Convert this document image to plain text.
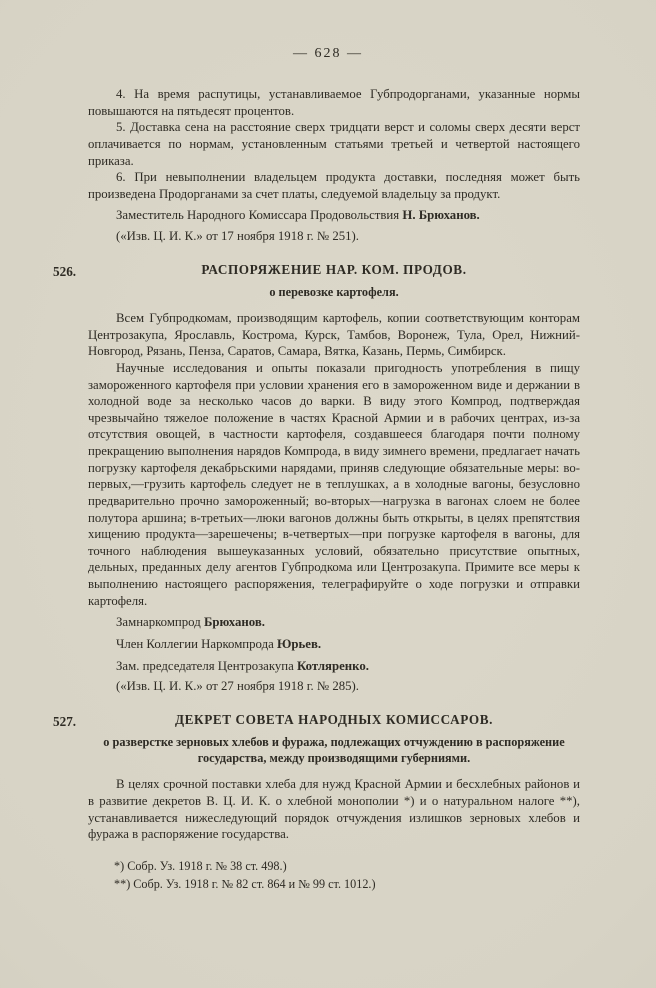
— 628 —

4. На время распутицы, устанавливаемое Губпродорганами, указанные нормы повышаются на пятьдесят процентов.

5. Доставка сена на расстояние сверх тридцати верст и соломы сверх десяти верст оплачивается по нормам, установленным статьями третьей и четвертой настоящего приказа.

6. При невыполнении владельцем продукта доставки, последняя может быть произведена Продорганами за счет платы, следуемой владельцу за продукт.

Заместитель Народного Комиссара Продовольствия Н. Брюханов.

(«Изв. Ц. И. К.» от 17 ноября 1918 г. № 251).

526.	РАСПОРЯЖЕНИЕ НАР. КОМ. ПРОДОВ.
о перевозке картофеля.

Всем Губпродкомам, производящим картофель, копии соответствующим конторам Центрозакупа, Ярославль, Кострома, Курск, Тамбов, Воронеж, Тула, Орел, Нижний-Новгород, Рязань, Пенза, Саратов, Самара, Вятка, Казань, Пермь, Симбирск.

Научные исследования и опыты показали пригодность употребления в пищу замороженного картофеля при условии хранения его в замороженном виде и держании в холодной воде за несколько часов до варки. В виду этого Компрод, подтверждая чрезвычайно тяжелое положение в частях Красной Армии и в рабочих центрах, из-за отсутствия овощей, в частности картофеля, создавшееся благодаря почти полному прекращению выполнения нарядов Компрода, в виду зимнего времени, предлагает начать погрузку картофеля декабрьскими нарядами, приняв следующие обязательные меры: во-первых,—грузить картофель следует не в теплушках, а в холодные вагоны, безусловно предварительно прочно замороженный; во-вторых—нагрузка в вагонах слоем не более полутора аршина; в-третьих—люки вагонов должны быть открыты, в целях препятствия хищению продукта—зарешечены; в-четвертых—при погрузке картофеля в вагоны, для точного наблюдения вышеуказанных условий, обязательно присутствие опытных, дельных, преданных делу агентов Губпродкома или Центрозакупа. Примите все меры к выполнению настоящего распоряжения, телеграфируйте о ходе погрузки и отправки картофеля.

Замнаркомпрод Брюханов.

Член Коллегии Наркомпрода Юрьев.

Зам. председателя Центрозакупа Котляренко.

(«Изв. Ц. И. К.» от 27 ноября 1918 г. № 285).

527.	ДЕКРЕТ СОВЕТА НАРОДНЫХ КОМИССАРОВ.
о разверстке зерновых хлебов и фуража, подлежащих отчуждению в распоряжение государства, между производящими губерниями.

В целях срочной поставки хлеба для нужд Красной Армии и бесхлебных районов и в развитие декретов В. Ц. И. К. о хлебной монополии *) и о натуральном налоге **), устанавливается нижеследующий порядок отчуждения излишков зерновых хлебов и фуража в распоряжение государства.

*) Собр. Уз. 1918 г. № 38 ст. 498.)

**) Собр. Уз. 1918 г. № 82 ст. 864 и № 99 ст. 1012.)
